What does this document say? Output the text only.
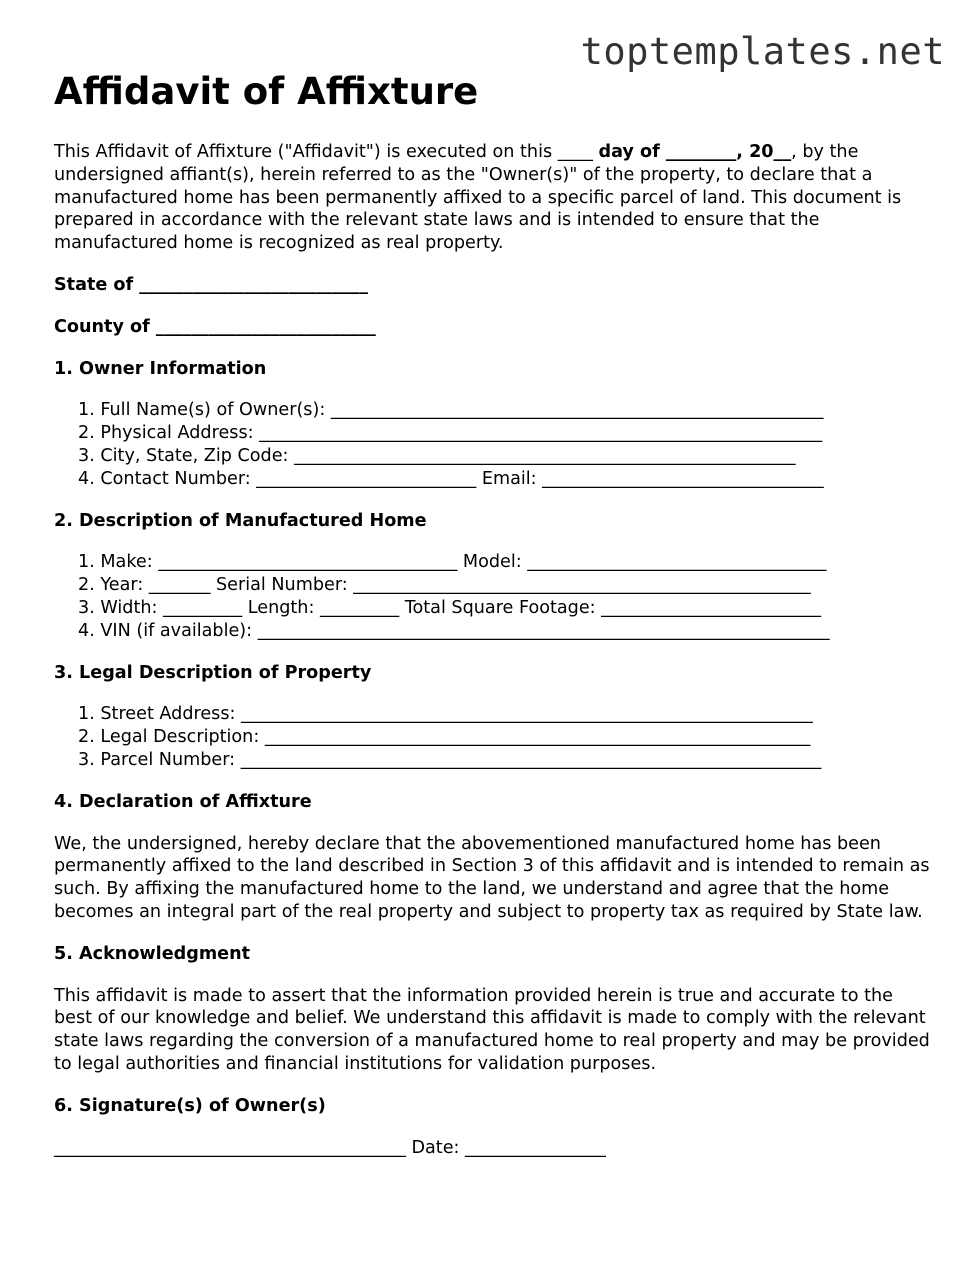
toptemplates.net
Affidavit of Affixture

This Affidavit of Affixture ("Affidavit") is executed on this ____ day of ________, 20__, by the undersigned affiant(s), herein referred to as the "Owner(s)" of the property, to declare that a manufactured home has been permanently affixed to a specific parcel of land. This document is prepared in accordance with the relevant state laws and is intended to ensure that the manufactured home is recognized as real property.

State of __________________________
County of _________________________
1. Owner Information
1. Full Name(s) of Owner(s): ________________________________________________________
2. Physical Address: ________________________________________________________________
3. City, State, Zip Code: _________________________________________________________
4. Contact Number: _________________________ Email: ________________________________
2. Description of Manufactured Home
1. Make: __________________________________ Model: __________________________________
2. Year: _______ Serial Number: ____________________________________________________
3. Width: _________ Length: _________ Total Square Footage: _________________________
4. VIN (if available): _________________________________________________________________
3. Legal Description of Property
1. Street Address: _________________________________________________________________
2. Legal Description: ______________________________________________________________
3. Parcel Number: __________________________________________________________________
4. Declaration of Affixture

We, the undersigned, hereby declare that the abovementioned manufactured home has been permanently affixed to the land described in Section 3 of this affidavit and is intended to remain as such. By affixing the manufactured home to the land, we understand and agree that the home becomes an integral part of the real property and subject to property tax as required by State law.

5. Acknowledgment

This affidavit is made to assert that the information provided herein is true and accurate to the best of our knowledge and belief. We understand this affidavit is made to comply with the relevant state laws regarding the conversion of a manufactured home to real property and may be provided to legal authorities and financial institutions for validation purposes.

6. Signature(s) of Owner(s)
________________________________________ Date: ________________
